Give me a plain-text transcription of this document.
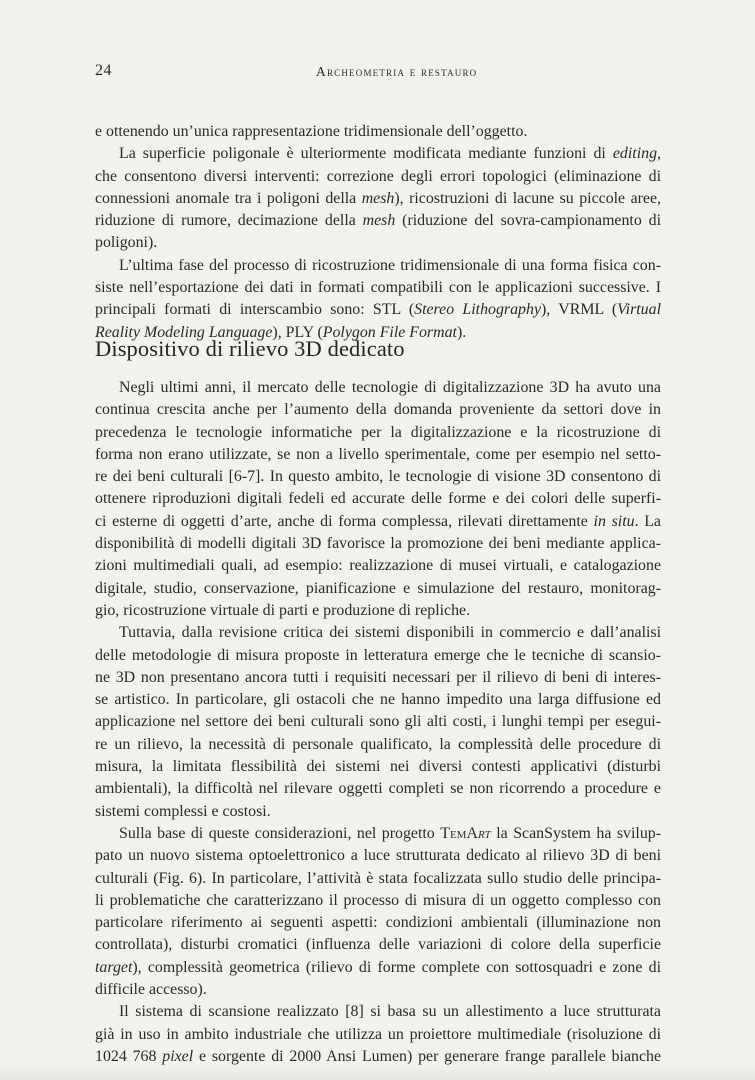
24	Archeometria e restauro

e ottenendo un’unica rappresentazione tridimensionale dell’oggetto.

La superficie poligonale è ulteriormente modificata mediante funzioni di editing,

che consentono diversi interventi: correzione degli errori topologici (eliminazione di

connessioni anomale tra i poligoni della mesh), ricostruzioni di lacune su piccole aree,

riduzione di rumore, decimazione della mesh (riduzione del sovra-campionamento di

poligoni).

L’ultima fase del processo di ricostruzione tridimensionale di una forma fisica con-

siste nell’esportazione dei dati in formati compatibili con le applicazioni successive. I

principali formati di interscambio sono: STL (Stereo Lithography), VRML (Virtual

Reality Modeling Language), PLY (Polygon File Format).

Dispositivo di rilievo 3D dedicato

Negli ultimi anni, il mercato delle tecnologie di digitalizzazione 3D ha avuto una

continua crescita anche per l’aumento della domanda proveniente da settori dove in

precedenza le tecnologie informatiche per la digitalizzazione e la ricostruzione di

forma non erano utilizzate, se non a livello sperimentale, come per esempio nel setto-

re dei beni culturali [6-7]. In questo ambito, le tecnologie di visione 3D consentono di

ottenere riproduzioni digitali fedeli ed accurate delle forme e dei colori delle superfi-

ci esterne di oggetti d’arte, anche di forma complessa, rilevati direttamente in situ. La

disponibilità di modelli digitali 3D favorisce la promozione dei beni mediante applica-

zioni multimediali quali, ad esempio: realizzazione di musei virtuali, e catalogazione

digitale, studio, conservazione, pianificazione e simulazione del restauro, monitorag-

gio, ricostruzione virtuale di parti e produzione di repliche.

Tuttavia, dalla revisione critica dei sistemi disponibili in commercio e dall’analisi

delle metodologie di misura proposte in letteratura emerge che le tecniche di scansio-

ne 3D non presentano ancora tutti i requisiti necessari per il rilievo di beni di interes-

se artistico. In particolare, gli ostacoli che ne hanno impedito una larga diffusione ed

applicazione nel settore dei beni culturali sono gli alti costi, i lunghi tempi per esegui-

re un rilievo, la necessità di personale qualificato, la complessità delle procedure di

misura, la limitata flessibilità dei sistemi nei diversi contesti applicativi (disturbi

ambientali), la difficoltà nel rilevare oggetti completi se non ricorrendo a procedure e

sistemi complessi e costosi.

Sulla base di queste considerazioni, nel progetto TemArt la ScanSystem ha svilup-

pato un nuovo sistema optoelettronico a luce strutturata dedicato al rilievo 3D di beni

culturali (Fig. 6). In particolare, l’attività è stata focalizzata sullo studio delle principa-

li problematiche che caratterizzano il processo di misura di un oggetto complesso con

particolare riferimento ai seguenti aspetti: condizioni ambientali (illuminazione non

controllata), disturbi cromatici (influenza delle variazioni di colore della superficie

target), complessità geometrica (rilievo di forme complete con sottosquadri e zone di

difficile accesso).

Il sistema di scansione realizzato [8] si basa su un allestimento a luce strutturata

già in uso in ambito industriale che utilizza un proiettore multimediale (risoluzione di

1024 768 pixel e sorgente di 2000 Ansi Lumen) per generare frange parallele bianche
